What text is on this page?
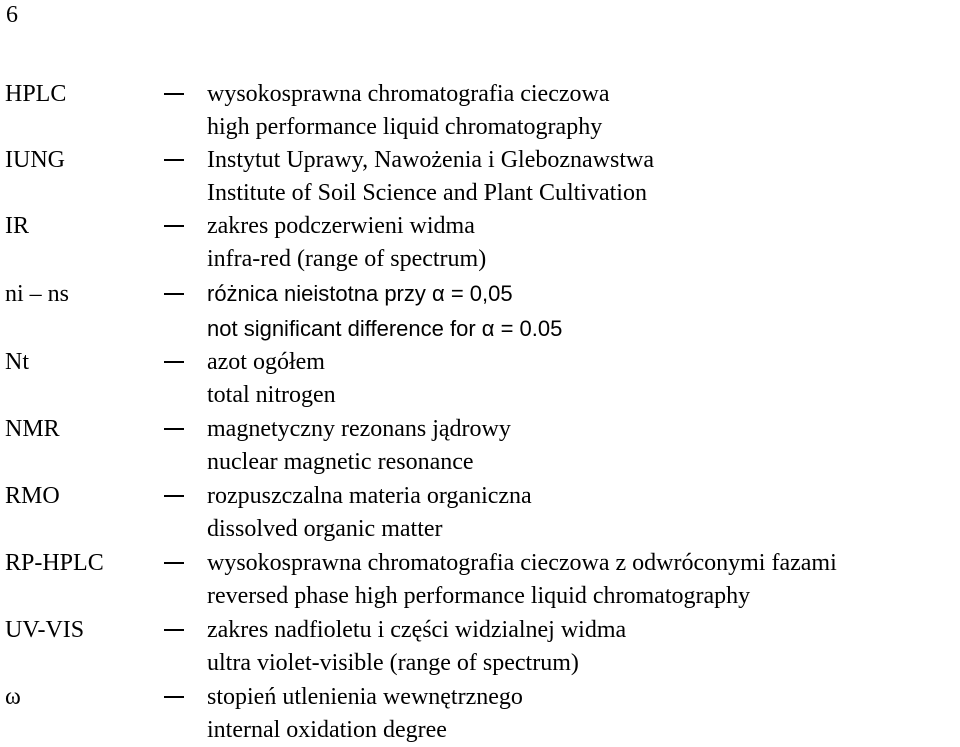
6
HPLC	wysokosprawna chromatografia cieczowa
high performance liquid chromatography
IUNG	Instytut Uprawy, Nawożenia i Gleboznawstwa
Institute of Soil Science and Plant Cultivation
IR	zakres podczerwieni widma
infra-red (range of spectrum)
ni – ns	różnica nieistotna przy α = 0,05
not significant difference for α = 0.05
Nt	azot ogółem
total nitrogen
NMR	magnetyczny rezonans jądrowy
nuclear magnetic resonance
RMO	rozpuszczalna materia organiczna
dissolved organic matter
RP-HPLC	wysokosprawna chromatografia cieczowa z odwróconymi fazami
reversed phase high performance liquid chromatography
UV-VIS	zakres nadfioletu i części widzialnej widma
ultra violet-visible (range of spectrum)
ω	stopień utlenienia wewnętrznego
internal oxidation degree
